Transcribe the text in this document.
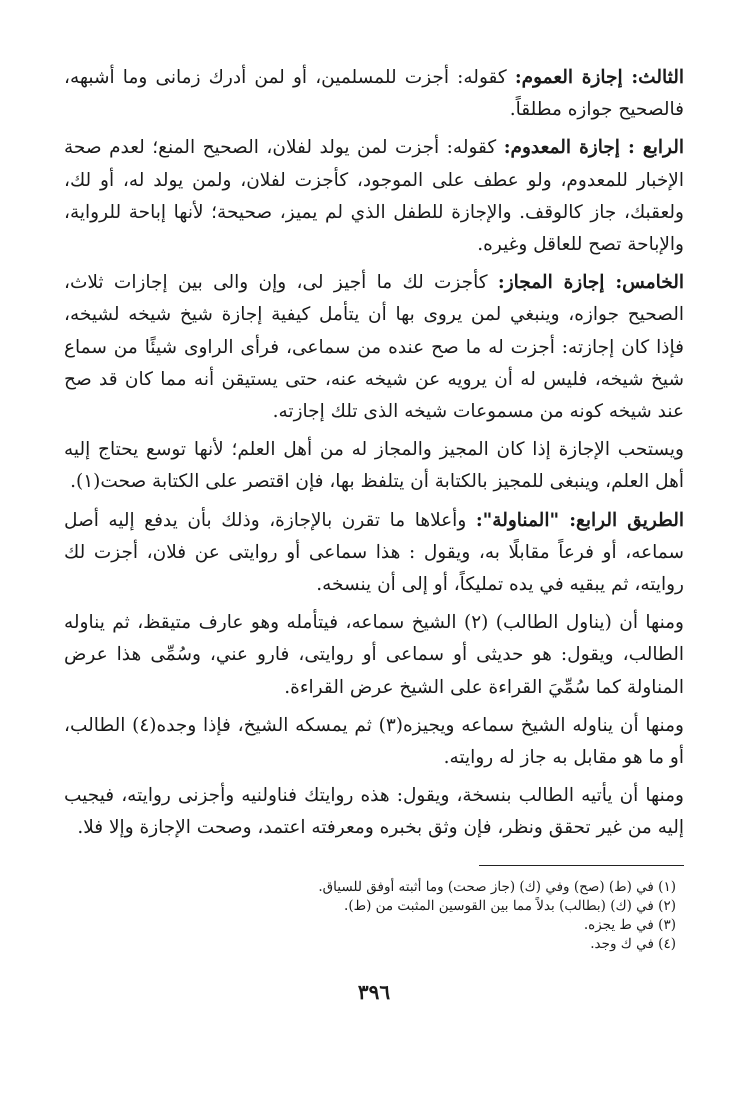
الثالث: إجازة العموم: كقوله: أجزت للمسلمين، أو لمن أدرك زمانى وما أشبهه، فالصحيح جوازه مطلقاً.

الرابع : إجازة المعدوم: كقوله: أجزت لمن يولد لفلان، الصحيح المنع؛ لعدم صحة الإخبار للمعدوم، ولو عطف على الموجود، كأجزت لفلان، ولمن يولد له، أو لك، ولعقبك، جاز كالوقف. والإجازة للطفل الذي لم يميز، صحيحة؛ لأنها إباحة للرواية، والإباحة تصح للعاقل وغيره.

الخامس: إجازة المجاز: كأجزت لك ما أجيز لى، وإن والى بين إجازات ثلاث، الصحيح جوازه، وينبغي لمن يروى بها أن يتأمل كيفية إجازة شيخ شيخه لشيخه، فإذا كان إجازته: أجزت له ما صح عنده من سماعى، فرأى الراوى شيئًا من سماع شيخ شيخه، فليس له أن يرويه عن شيخه عنه، حتى يستيقن أنه مما كان قد صح عند شيخه كونه من مسموعات شيخه الذى تلك إجازته.

ويستحب الإجازة إذا كان المجيز والمجاز له من أهل العلم؛ لأنها توسع يحتاج إليه أهل العلم، وينبغى للمجيز بالكتابة أن يتلفظ بها، فإن اقتصر على الكتابة صحت(١).

الطريق الرابع: "المناولة": وأعلاها ما تقرن بالإجازة، وذلك بأن يدفع إليه أصل سماعه، أو فرعاً مقابلًا به، ويقول : هذا سماعى أو روايتى عن فلان، أجزت لك روايته، ثم يبقيه في يده تمليكاً، أو إلى أن ينسخه.

ومنها أن (يناول الطالب) (٢) الشيخ سماعه، فيتأمله وهو عارف متيقظ، ثم يناوله الطالب، ويقول: هو حديثى أو سماعى أو روايتى، فارو عني، وسُمِّى هذا عرض المناولة كما سُمِّيَ القراءة على الشيخ عرض القراءة.

ومنها أن يناوله الشيخ سماعه ويجيزه(٣) ثم يمسكه الشيخ، فإذا وجده(٤) الطالب، أو ما هو مقابل به جاز له روايته.

ومنها أن يأتيه الطالب بنسخة، ويقول: هذه روايتك فناولنيه وأجزنى روايته، فيجيب إليه من غير تحقق ونظر، فإن وثق بخبره ومعرفته اعتمد، وصحت الإجازة وإلا فلا.

(١) في (ط) (صح) وفي (ك) (جاز صحت) وما أثبته أوفق للسياق.

(٢) في (ك) (بطالب) بدلاً مما بين القوسين المثبت من (ط).

(٣) في ط يجزه.

(٤) في ك وجد.

٣٩٦
